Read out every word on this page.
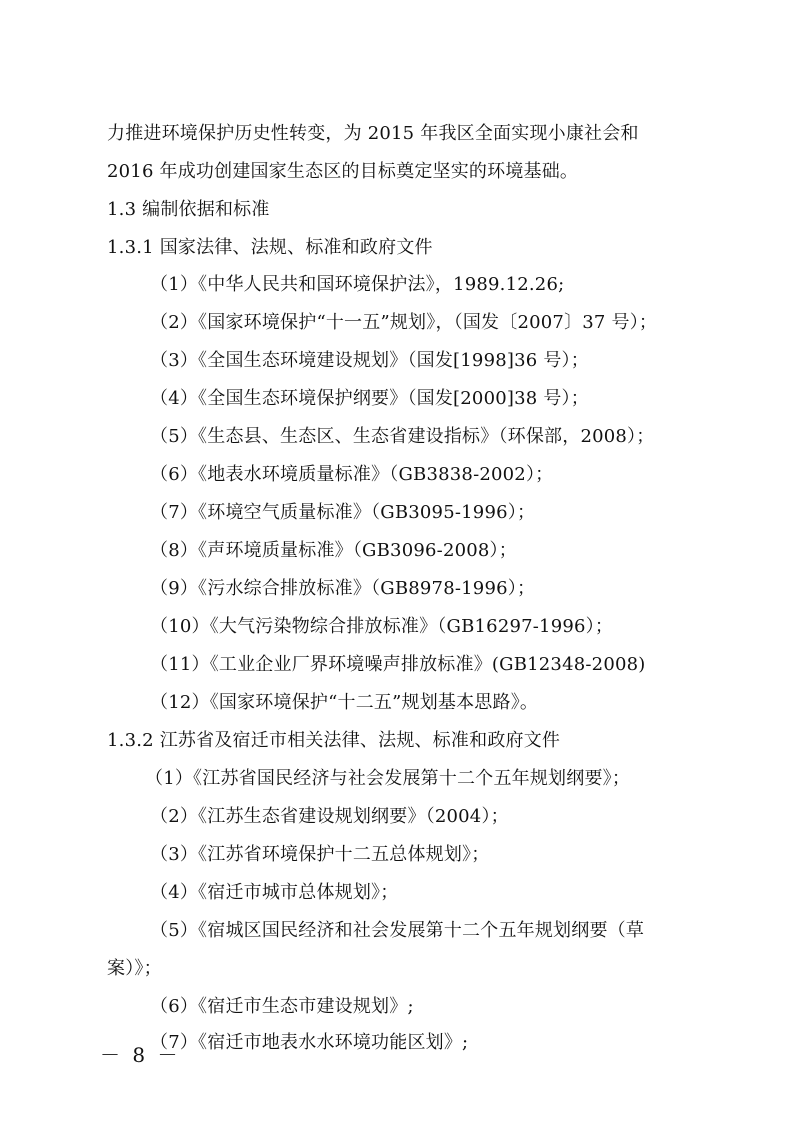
力推进环境保护历史性转变，为 2015 年我区全面实现小康社会和
2016 年成功创建国家生态区的目标奠定坚实的环境基础。
1.3 编制依据和标准
1.3.1 国家法律、法规、标准和政府文件
（1）《中华人民共和国环境保护法》，1989.12.26;
（2）《国家环境保护“十一五”规划》，（国发〔2007〕37 号）；
（3）《全国生态环境建设规划》（国发[1998]36 号）；
（4）《全国生态环境保护纲要》（国发[2000]38 号）；
（5）《生态县、生态区、生态省建设指标》（环保部，2008）；
（6）《地表水环境质量标准》（GB3838-2002）；
（7）《环境空气质量标准》（GB3095-1996）；
（8）《声环境质量标准》（GB3096-2008）；
（9）《污水综合排放标准》（GB8978-1996）；
（10）《大气污染物综合排放标准》（GB16297-1996）；
（11）《工业企业厂界环境噪声排放标准》(GB12348-2008)
（12）《国家环境保护“十二五”规划基本思路》。
1.3.2 江苏省及宿迁市相关法律、法规、标准和政府文件
（1）《江苏省国民经济与社会发展第十二个五年规划纲要》；
（2）《江苏生态省建设规划纲要》（2004）；
（3）《江苏省环境保护十二五总体规划》；
（4）《宿迁市城市总体规划》；
（5）《宿城区国民经济和社会发展第十二个五年规划纲要（草
案）》；
（6）《宿迁市生态市建设规划》;
（7）《宿迁市地表水水环境功能区划》;
－ 8 －
